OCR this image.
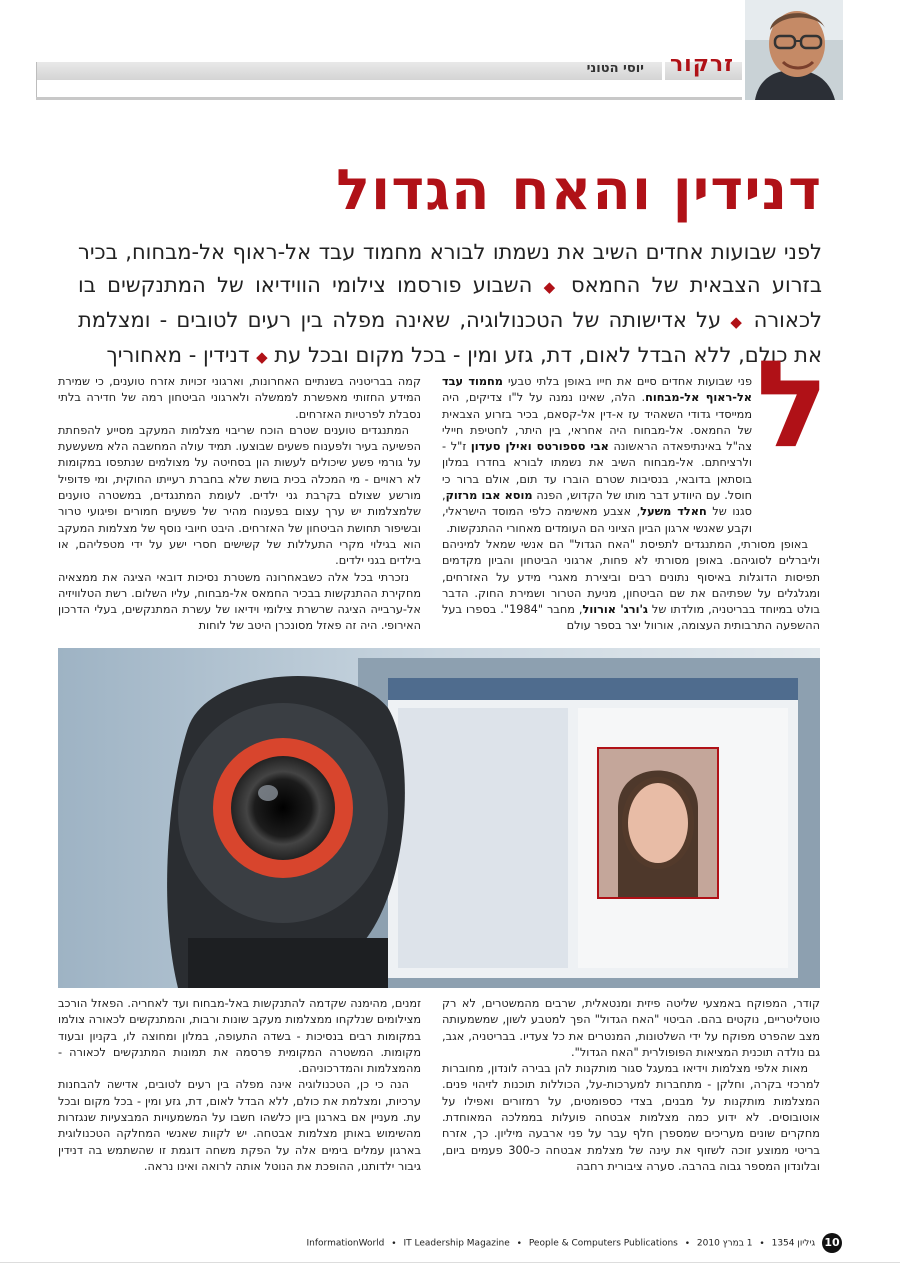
זרקור
יוסי הטוני
דנידין והאח הגדול

לפני שבועות אחדים השיב את נשמתו לבורא מחמוד עבד אל-ראוף אל-מבחוח, בכיר בזרוע הצבאית של החמאס ◆ השבוע פורסמו צילומי הווידיאו של המתנקשים בו לכאורה ◆ על אדישותה של הטכנולוגיה, שאינה מפלה בין רעים לטובים - ומצלמת את כולם, ללא הבדל לאום, דת, גזע ומין - בכל מקום ובכל עת ◆ דנידין - מאחוריך	ל

פני שבועות אחדים סיים את חייו באופן בלתי טבעי מחמוד עבד אל-ראוף אל-מבחוח. הלה, שאינו נמנה על ל"ו צדיקים, היה ממייסדי גדודי השאהיד עז א-דין אל-קסאם, בכיר בזרוע הצבאית של החמאס. אל-מבחוח היה אחראי, בין היתר, לחטיפת חיילי צה"ל באינתיפאדה הראשונה אבי סספורטס ואילן סעדון ז"ל - ולרציחתם. אל-מבחוח השיב את נשמתו לבורא בחדרו במלון בוסתאן בדובאי, בנסיבות שטרם הוברו עד תום, אולם ברור כי חוסל. עם היוודע דבר מותו של הקדוש, הפנה מוסא אבו מרזוק, סגנו של חאלד משעל, אצבע מאשימה כלפי המוסד הישראלי, וקבע שאנשי ארגון הביון הציוני הם העומדים מאחורי ההתנקשות.

באופן מסורתי, המתנגדים לתפיסת "האח הגדול" הם אנשי שמאל למיניהם וליברלים לסוגיהם. באופן מסורתי לא פחות, ארגוני הביטחון והביון מקדמים תפיסות הדוגלות באיסוף נתונים רבים וביצירת מאגרי מידע על האזרחים, ומגלגלים על שפתיהם את שם הביטחון, מניעת הטרור ושמירת החוק. הדבר בולט במיוחד בבריטניה, מולדתו של ג'ורג' אורוול, מחבר "1984". בספרו בעל ההשפעה התרבותית העצומה, אורוול יצר בספר עולם

קמה בבריטניה בשנתיים האחרונות, וארגוני זכויות אזרח טוענים, כי שמירת המידע החזותי מאפשרת לממשלה ולארגוני הביטחון רמה של חדירה בלתי נסבלת לפרטיות האזרחים.

המתנגדים טוענים שטרם הוכח שריבוי מצלמות המעקב מסייע להפחתת הפשיעה בעיר ולפענוח פשעים שבוצעו. תמיד עולה המחשבה הלא משעשעת על גורמי פשע שיכולים לעשות הון בסחיטה על מצולמים שנתפסו במקומות לא ראויים - מי המכלה בכית בושת שלא בחברת רעייתו החוקית, ומי פדופיל מורשע שצולם בקרבת גני ילדים. לעומת המתנגדים, במשטרה טוענים שלמצלמות יש ערך עצום בפענוח מהיר של פשעים חמורים ופיגועי טרור ובשיפור תחושת הביטחון של האזרחים. היבט חיובי נוסף של מצלמות המעקב הוא בגילוי מקרי התעללות של קשישים חסרי ישע על ידי מטפליהם, או בילדים בגני ילדים.

נזכרתי בכל אלה כשבאחרונה משטרת נסיכות דובאי הציגה את ממצאיה מחקירת ההתנקשות בבכיר החמאס אל-מבחוח, עליו השלום. רשת הטלוויזיה אל-ערבייה הציגה שרשרת צילומי וידיאו של עשרת המתנקשים, בעלי הדרכון האירופי. היה זה פאזל מסונכרן היטב של לוחות

קודר, המפוקח באמצעי שליטה פיזית ומנטאלית, שרבים מהמשטרים, לא רק טוטליטריים, נוקטים בהם. הביטוי "האח הגדול" הפך למטבע לשון, שמשמעותה מצב שהפרט מפוקח על ידי השלטונות, המנטרים את כל צעדיו. בבריטניה, אגב, גם נולדה תוכנית המציאות הפופולרית "האח הגדול".

מאות אלפי מצלמות וידיאו במעגל סגור מותקנות להן בבירה לונדון, מחוברות למרכזי בקרה, וחלקן - מתחברות למערכות-על, הכוללות תוכנות לזיהוי פנים. המצלמות מותקנות על מבנים, בצדי כספומטים, על רמזורים ואפילו על אוטובוסים. לא ידוע כמה מצלמות אבטחה פועלות בממלכה המאוחדת. מחקרים שונים מעריכים שמספרן חלף עבר על פני ארבעה מיליון. כך, אזרח בריטי ממוצע זוכה לשזוף את עינה של מצלמת אבטחה כ-300 פעמים ביום, ובלונדון המספר גבוה בהרבה. סערה ציבורית רחבה

זמנים, מהימנה שקדמה להתנקשות באל-מבחוח ועד לאחריה. הפאזל הורכב מצילומים שנלקחו ממצלמות מעקב שונות ורבות, והמתנקשים לכאורה צולמו במקומות רבים בנסיכות - בשדה התעופה, במלון ומחוצה לו, בקניון ובעוד מקומות. המשטרה המקומית פרסמה את תמונות המתנקשים לכאורה - מהמצלמות והמדרכוניהם.

הנה כי כן, הטכנולוגיה אינה מפלה בין רעים לטובים, אדישה להבחנות ערכיות, ומצלמת את כולם, ללא הבדל לאום, דת, גזע ומין - בכל מקום ובכל עת. מעניין אם בארגון ביון כלשהו חשבו על המשמעויות המבצעיות שנגזרות מהשימוש באותן מצלמות אבטחה. יש לקוות שאנשי המחלקה הטכנולוגית בארגון עמלים בימים אלה על הפקת משחה דוגמת זו שהשתמש בה דנידין גיבור ילדותנו, ההופכת את הנוטל אותה לרואה ואינו נראה.

10 גיליון 1354 • 1 במרץ 2010 • People & Computers Publications • IT Leadership Magazine • InformationWorld
